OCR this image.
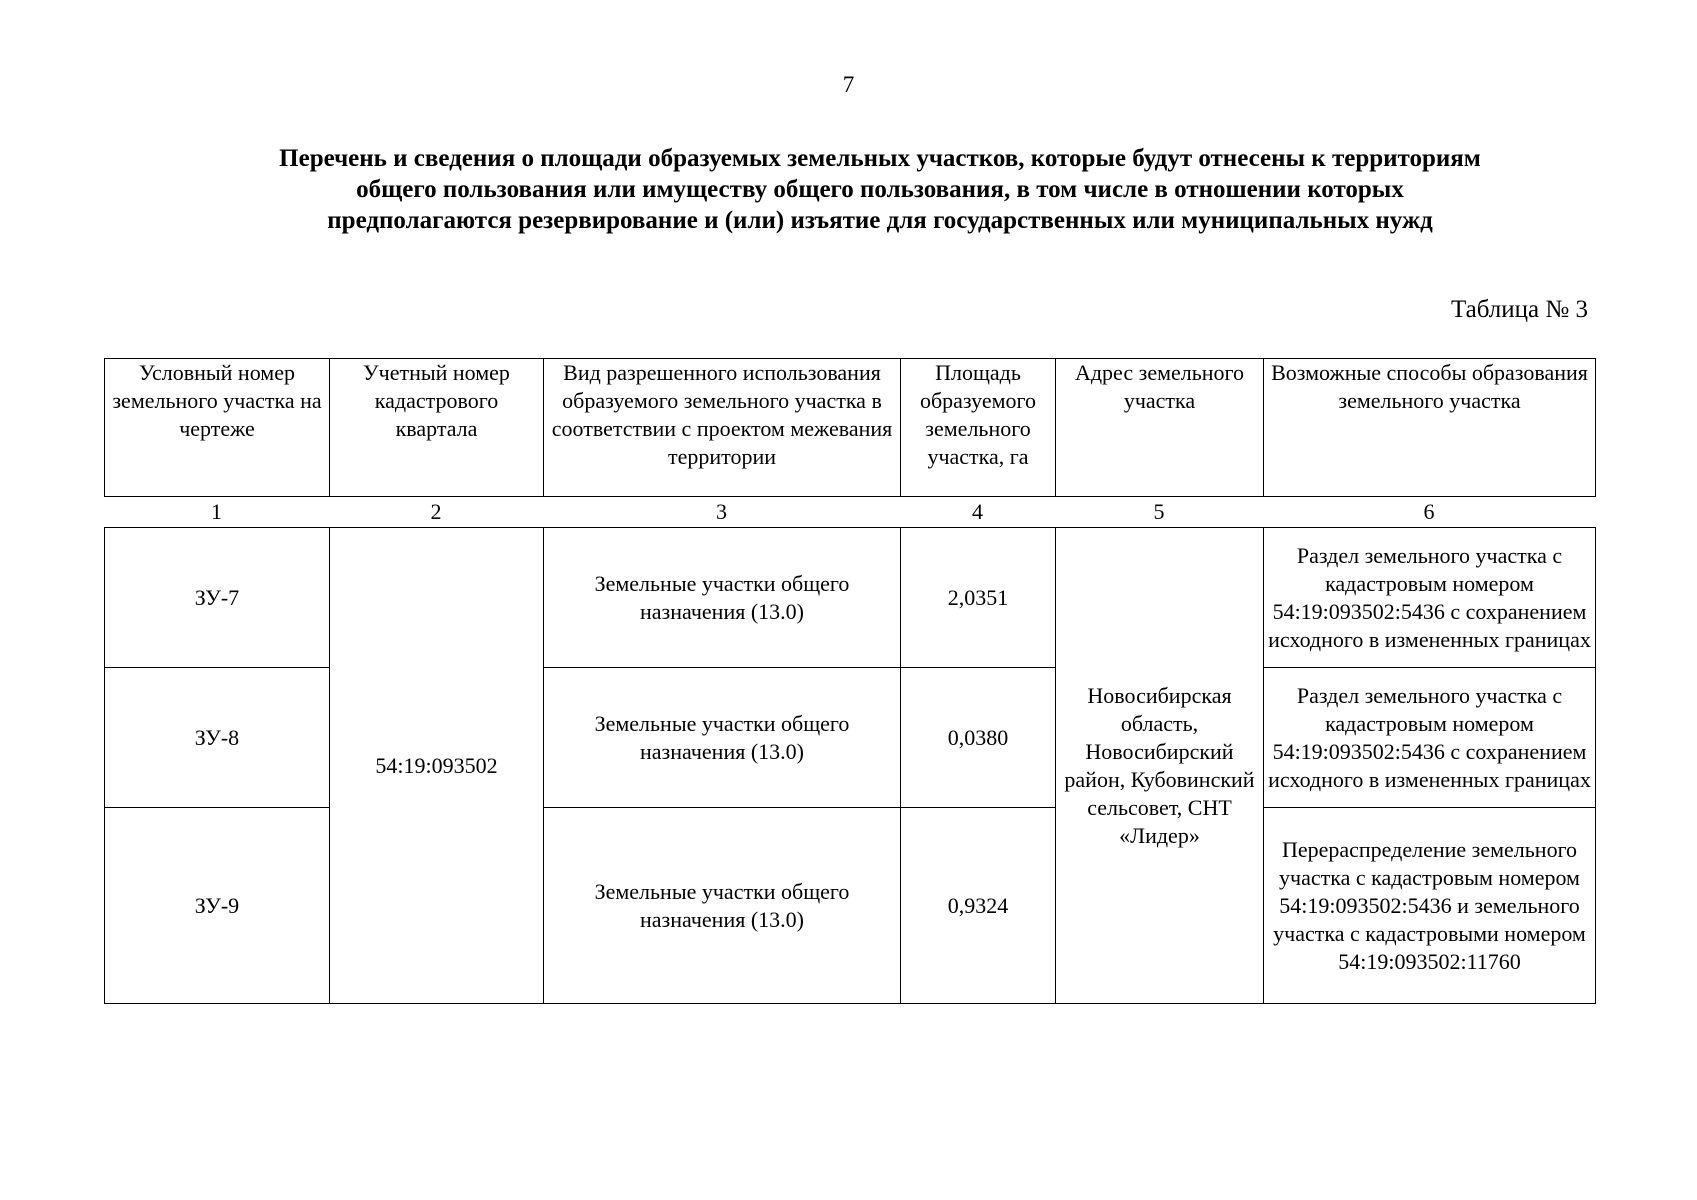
7
Перечень и сведения о площади образуемых земельных участков, которые будут отнесены к территориям
общего пользования или имуществу общего пользования, в том числе в отношении которых
предполагаются резервирование и (или) изъятие для государственных или муниципальных нужд
Таблица № 3
Условный номер земельного участка на чертеже	Учетный номер кадастрового квартала	Вид разрешенного использования образуемого земельного участка в соответствии с проектом межевания территории	Площадь образуемого земельного участка, га	Адрес земельного участка	Возможные способы образования земельного участка
1	2	3	4	5	6
ЗУ-7	54:19:093502	Земельные участки общего назначения (13.0)	2,0351	Новосибирская область, Новосибирский район, Кубовинский сельсовет, СНТ «Лидер»	Раздел земельного участка с кадастровым номером 54:19:093502:5436 с сохранением исходного в измененных границах
ЗУ-8		Земельные участки общего назначения (13.0)	0,0380		Раздел земельного участка с кадастровым номером 54:19:093502:5436 с сохранением исходного в измененных границах
ЗУ-9		Земельные участки общего назначения (13.0)	0,9324		Перераспределение земельного участка с кадастровым номером 54:19:093502:5436 и земельного участка с кадастровыми номером 54:19:093502:11760
